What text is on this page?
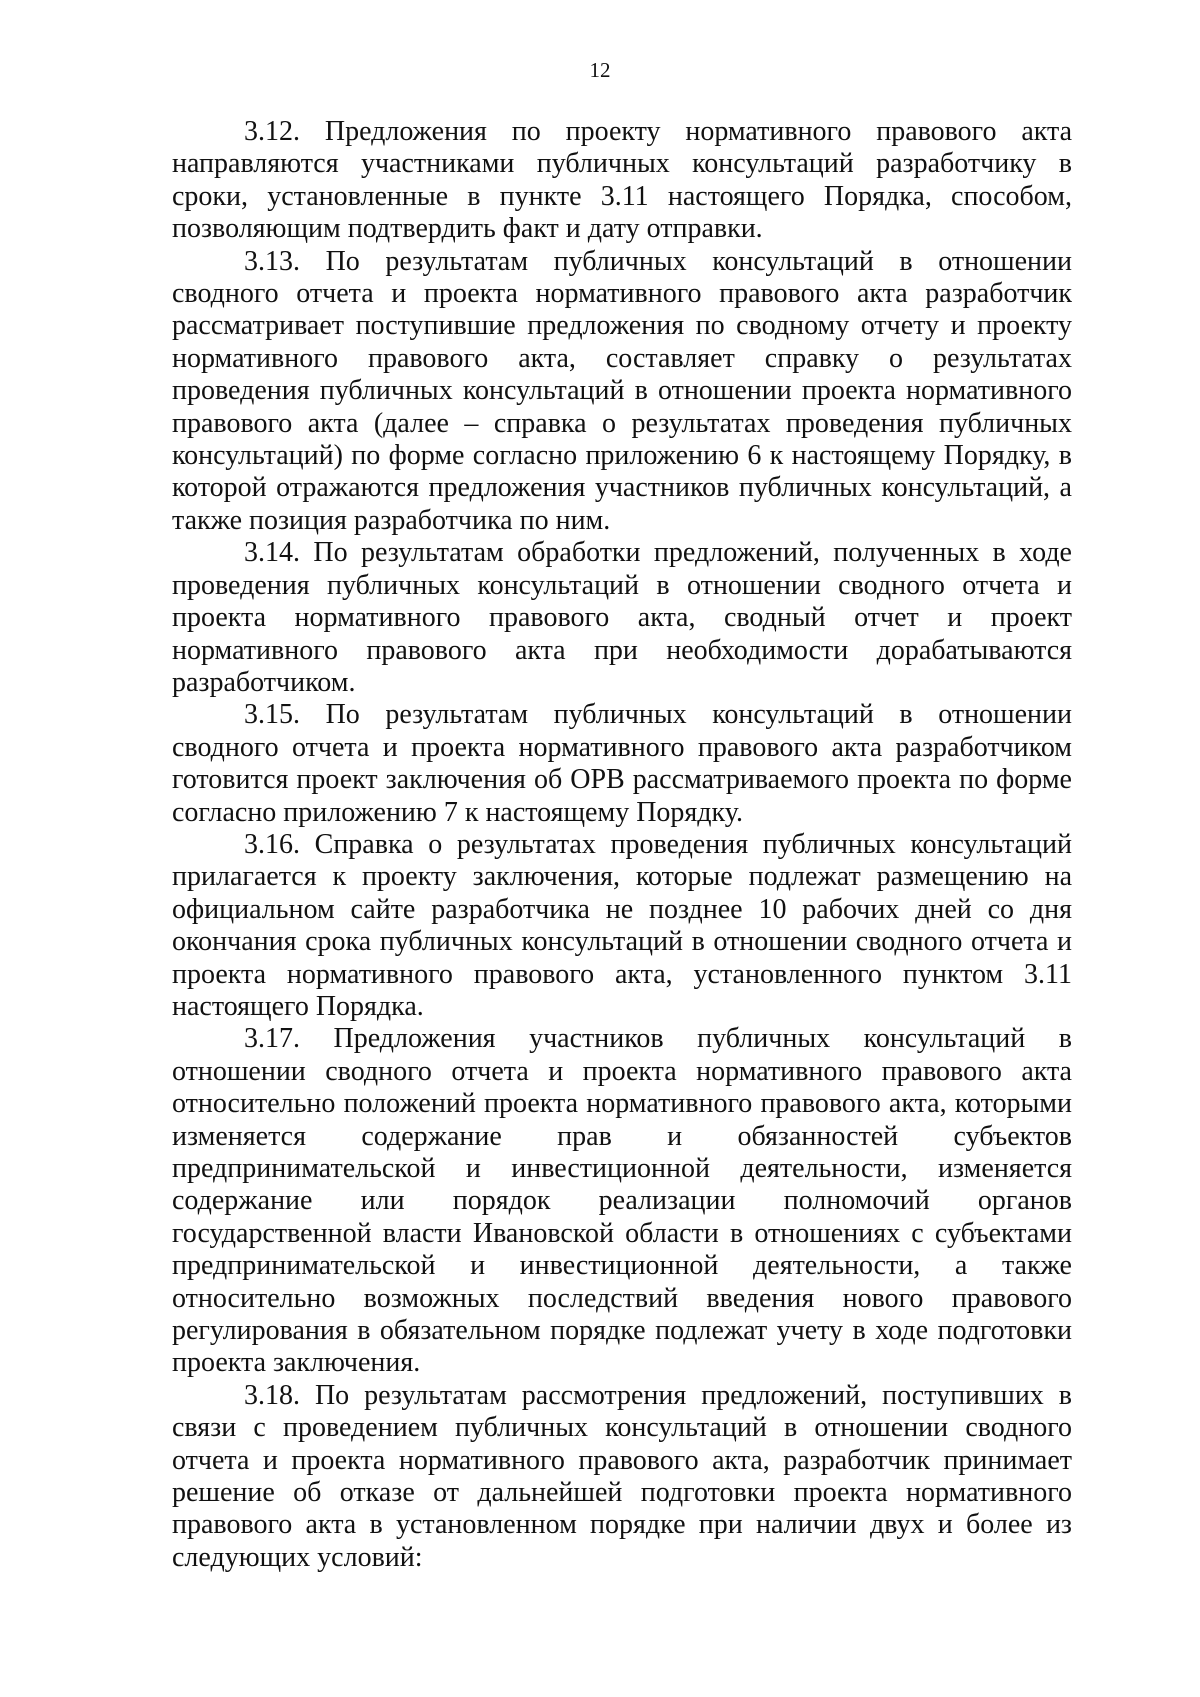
12

3.12. Предложения по проекту нормативного правового акта направляются участниками публичных консультаций разработчику в сроки, установленные в пункте 3.11 настоящего Порядка, способом, позволяющим подтвердить факт и дату отправки.

3.13. По результатам публичных консультаций в отношении сводного отчета и проекта нормативного правового акта разработчик рассматривает поступившие предложения по сводному отчету и проекту нормативного правового акта, составляет справку о результатах проведения публичных консультаций в отношении проекта нормативного правового акта (далее – справка о результатах проведения публичных консультаций) по форме согласно приложению 6 к настоящему Порядку, в которой отражаются предложения участников публичных консультаций, а также позиция разработчика по ним.

3.14. По результатам обработки предложений, полученных в ходе проведения публичных консультаций в отношении сводного отчета и проекта нормативного правового акта, сводный отчет и проект нормативного правового акта при необходимости дорабатываются разработчиком.

3.15. По результатам публичных консультаций в отношении сводного отчета и проекта нормативного правового акта разработчиком готовится проект заключения об ОРВ рассматриваемого проекта по форме согласно приложению 7 к настоящему Порядку.

3.16. Справка о результатах проведения публичных консультаций прилагается к проекту заключения, которые подлежат размещению на официальном сайте разработчика не позднее 10 рабочих дней со дня окончания срока публичных консультаций в отношении сводного отчета и проекта нормативного правового акта, установленного пунктом 3.11 настоящего Порядка.

3.17. Предложения участников публичных консультаций в отношении сводного отчета и проекта нормативного правового акта относительно положений проекта нормативного правового акта, которыми изменяется содержание прав и обязанностей субъектов предпринимательской и инвестиционной деятельности, изменяется содержание или порядок реализации полномочий органов государственной власти Ивановской области в отношениях с субъектами предпринимательской и инвестиционной деятельности, а также относительно возможных последствий введения нового правового регулирования в обязательном порядке подлежат учету в ходе подготовки проекта заключения.

3.18. По результатам рассмотрения предложений, поступивших в связи с проведением публичных консультаций в отношении сводного отчета и проекта нормативного правового акта, разработчик принимает решение об отказе от дальнейшей подготовки проекта нормативного правового акта в установленном порядке при наличии двух и более из следующих условий:
